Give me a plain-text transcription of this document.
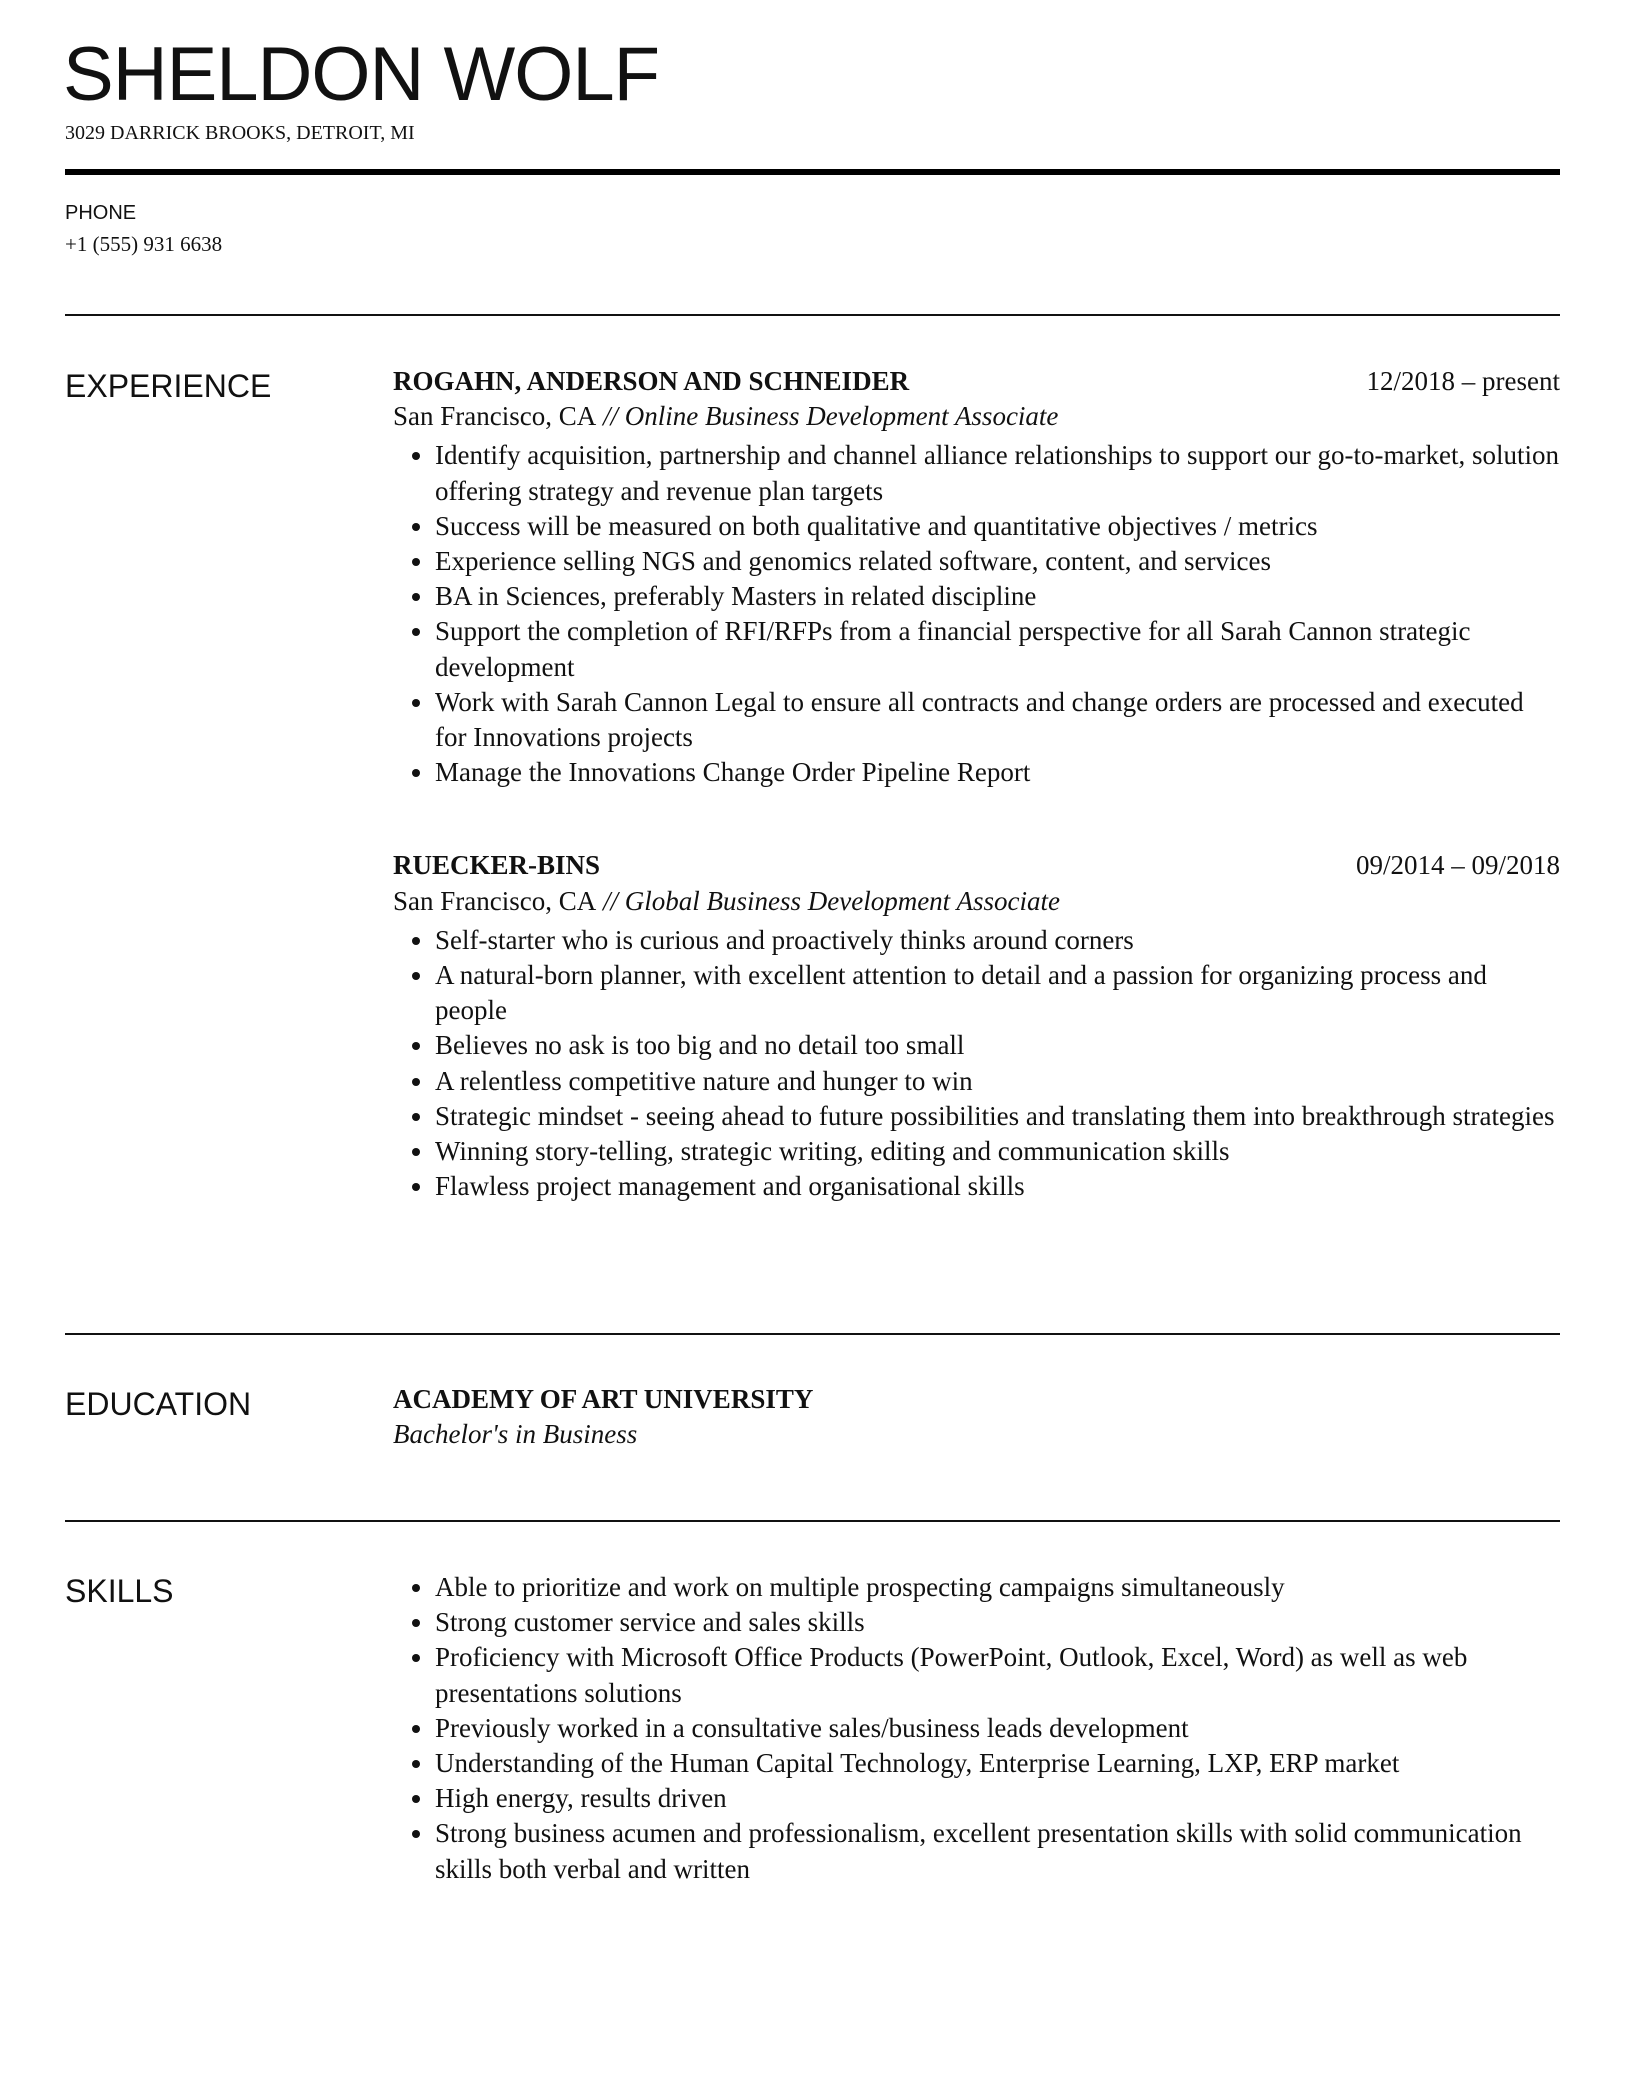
SHELDON WOLF
3029 DARRICK BROOKS, DETROIT, MI
PHONE
+1 (555) 931 6638
EXPERIENCE	ROGAHN, ANDERSON AND SCHNEIDER	12/2018 – present
San Francisco, CA // Online Business Development Associate
• Identify acquisition, partnership and channel alliance relationships to support our go-to-market, solution offering strategy and revenue plan targets
• Success will be measured on both qualitative and quantitative objectives / metrics
• Experience selling NGS and genomics related software, content, and services
• BA in Sciences, preferably Masters in related discipline
• Support the completion of RFI/RFPs from a financial perspective for all Sarah Cannon strategic development
• Work with Sarah Cannon Legal to ensure all contracts and change orders are processed and executed for Innovations projects
• Manage the Innovations Change Order Pipeline Report
RUECKER-BINS	09/2014 – 09/2018
San Francisco, CA // Global Business Development Associate
• Self-starter who is curious and proactively thinks around corners
• A natural-born planner, with excellent attention to detail and a passion for organizing process and people
• Believes no ask is too big and no detail too small
• A relentless competitive nature and hunger to win
• Strategic mindset - seeing ahead to future possibilities and translating them into breakthrough strategies
• Winning story-telling, strategic writing, editing and communication skills
• Flawless project management and organisational skills
EDUCATION	ACADEMY OF ART UNIVERSITY
Bachelor's in Business
SKILLS	• Able to prioritize and work on multiple prospecting campaigns simultaneously
• Strong customer service and sales skills
• Proficiency with Microsoft Office Products (PowerPoint, Outlook, Excel, Word) as well as web presentations solutions
• Previously worked in a consultative sales/business leads development
• Understanding of the Human Capital Technology, Enterprise Learning, LXP, ERP market
• High energy, results driven
• Strong business acumen and professionalism, excellent presentation skills with solid communication skills both verbal and written
